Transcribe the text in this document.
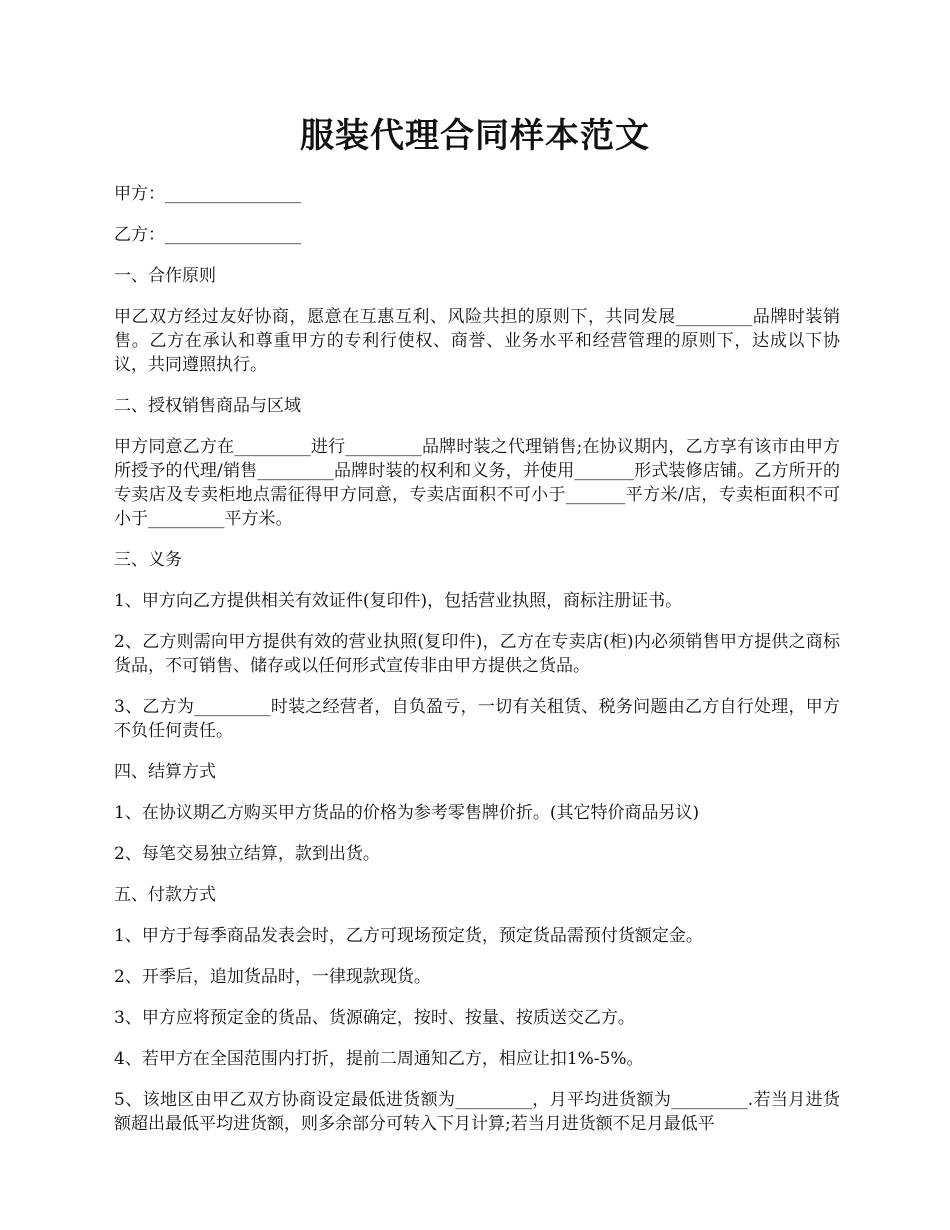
服装代理合同样本范文

甲方：________________

乙方：________________

一、合作原则

甲乙双方经过友好协商，愿意在互惠互利、风险共担的原则下，共同发展_________品牌时装销售。乙方在承认和尊重甲方的专利行使权、商誉、业务水平和经营管理的原则下，达成以下协议，共同遵照执行。

二、授权销售商品与区域

甲方同意乙方在_________进行_________品牌时装之代理销售;在协议期内，乙方享有该市由甲方所授予的代理/销售_________品牌时装的权利和义务，并使用_______形式装修店铺。乙方所开的专卖店及专卖柜地点需征得甲方同意，专卖店面积不可小于_______平方米/店，专卖柜面积不可小于_________平方米。

三、义务

1、甲方向乙方提供相关有效证件(复印件)，包括营业执照，商标注册证书。

2、乙方则需向甲方提供有效的营业执照(复印件)，乙方在专卖店(柜)内必须销售甲方提供之商标货品，不可销售、储存或以任何形式宣传非由甲方提供之货品。

3、乙方为_________时装之经营者，自负盈亏，一切有关租赁、税务问题由乙方自行处理，甲方不负任何责任。

四、结算方式

1、在协议期乙方购买甲方货品的价格为参考零售牌价折。(其它特价商品另议)

2、每笔交易独立结算，款到出货。

五、付款方式

1、甲方于每季商品发表会时，乙方可现场预定货，预定货品需预付货额定金。

2、开季后，追加货品时，一律现款现货。

3、甲方应将预定金的货品、货源确定，按时、按量、按质送交乙方。

4、若甲方在全国范围内打折，提前二周通知乙方，相应让扣1%-5%。

5、该地区由甲乙双方协商设定最低进货额为_________，月平均进货额为_________.若当月进货额超出最低平均进货额，则多余部分可转入下月计算;若当月进货额不足月最低平
